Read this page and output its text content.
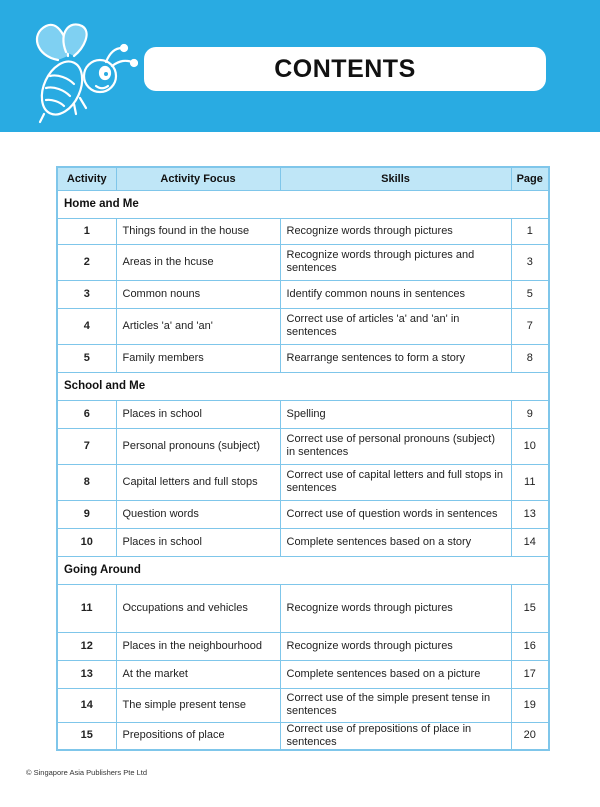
CONTENTS
Activity	Activity Focus	Skills	Page
Home and Me			
1	Things found in the house	Recognize words through pictures	1
2	Areas in the hcuse	Recognize words through pictures and sentences	3
3	Common nouns	Identify common nouns in sentences	5
4	Articles 'a' and 'an'	Correct use of articles 'a' and 'an' in sentences	7
5	Family members	Rearrange sentences to form a story	8
School and Me			
6	Places in school	Spelling	9
7	Personal pronouns (subject)	Correct use of personal pronouns (subject) in sentences	10
8	Capital letters and full stops	Correct use of capital letters and full stops in sentences	11
9	Question words	Correct use of question words in sentences	13
10	Places in school	Complete sentences based on a story	14
Going Around			
11	Occupations and vehicles	Recognize words through pictures	15
12	Places in the neighbourhood	Recognize words through pictures	16
13	At the market	Complete sentences based on a picture	17
14	The simple present tense	Correct use of the simple present tense in sentences	19
15	Prepositions of place	Correct use of prepositions of place in sentences	20
© Singapore Asia Publishers Pte Ltd
